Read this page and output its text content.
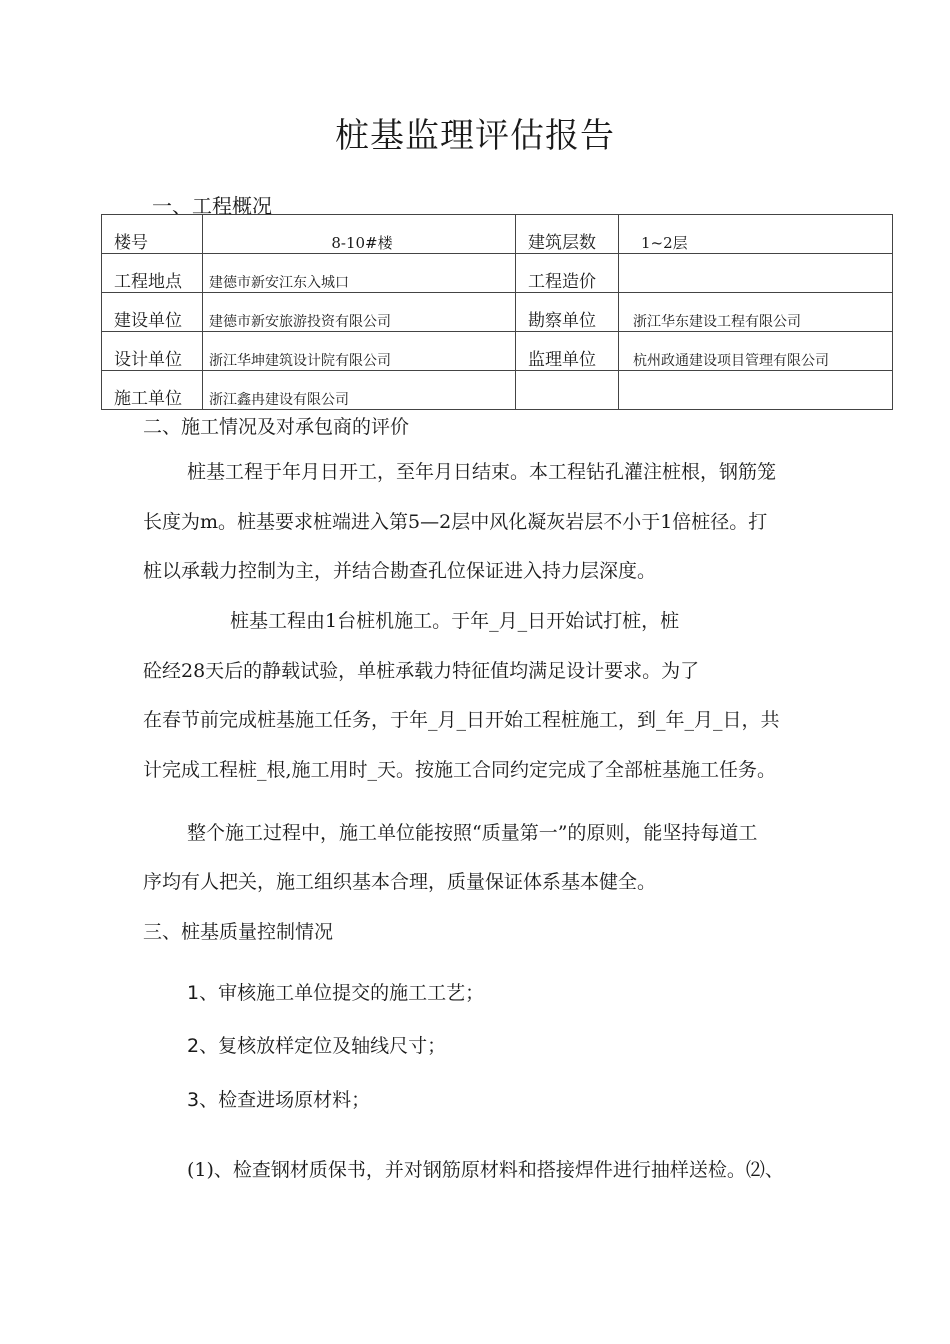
桩基监理评估报告
一、工程概况
楼号	8-10#楼	建筑层数	1~2层
工程地点	建德市新安江东入城口	工程造价	
建设单位	建德市新安旅游投资有限公司	勘察单位	浙江华东建设工程有限公司
设计单位	浙江华坤建筑设计院有限公司	监理单位	杭州政通建设项目管理有限公司
施工单位	浙江鑫冉建设有限公司		
二、施工情况及对承包商的评价
桩基工程于年月日开工，至年月日结束。本工程钻孔灌注桩根，钢筋笼
长度为m。桩基要求桩端进入第5—2层中风化凝灰岩层不小于1倍桩径。打
桩以承载力控制为主，并结合勘查孔位保证进入持力层深度。
桩基工程由1台桩机施工。于年_月_日开始试打桩，桩
砼经28天后的静载试验，单桩承载力特征值均满足设计要求。为了
在春节前完成桩基施工任务，于年_月_日开始工程桩施工，到_年_月_日，共
计完成工程桩_根,施工用时_天。按施工合同约定完成了全部桩基施工任务。
整个施工过程中，施工单位能按照“质量第一”的原则，能坚持每道工
序均有人把关，施工组织基本合理，质量保证体系基本健全。
三、桩基质量控制情况
1、审核施工单位提交的施工工艺；
2、复核放样定位及轴线尺寸；
3、检查进场原材料；
(1)、检查钢材质保书，并对钢筋原材料和搭接焊件进行抽样送检。⑵、
